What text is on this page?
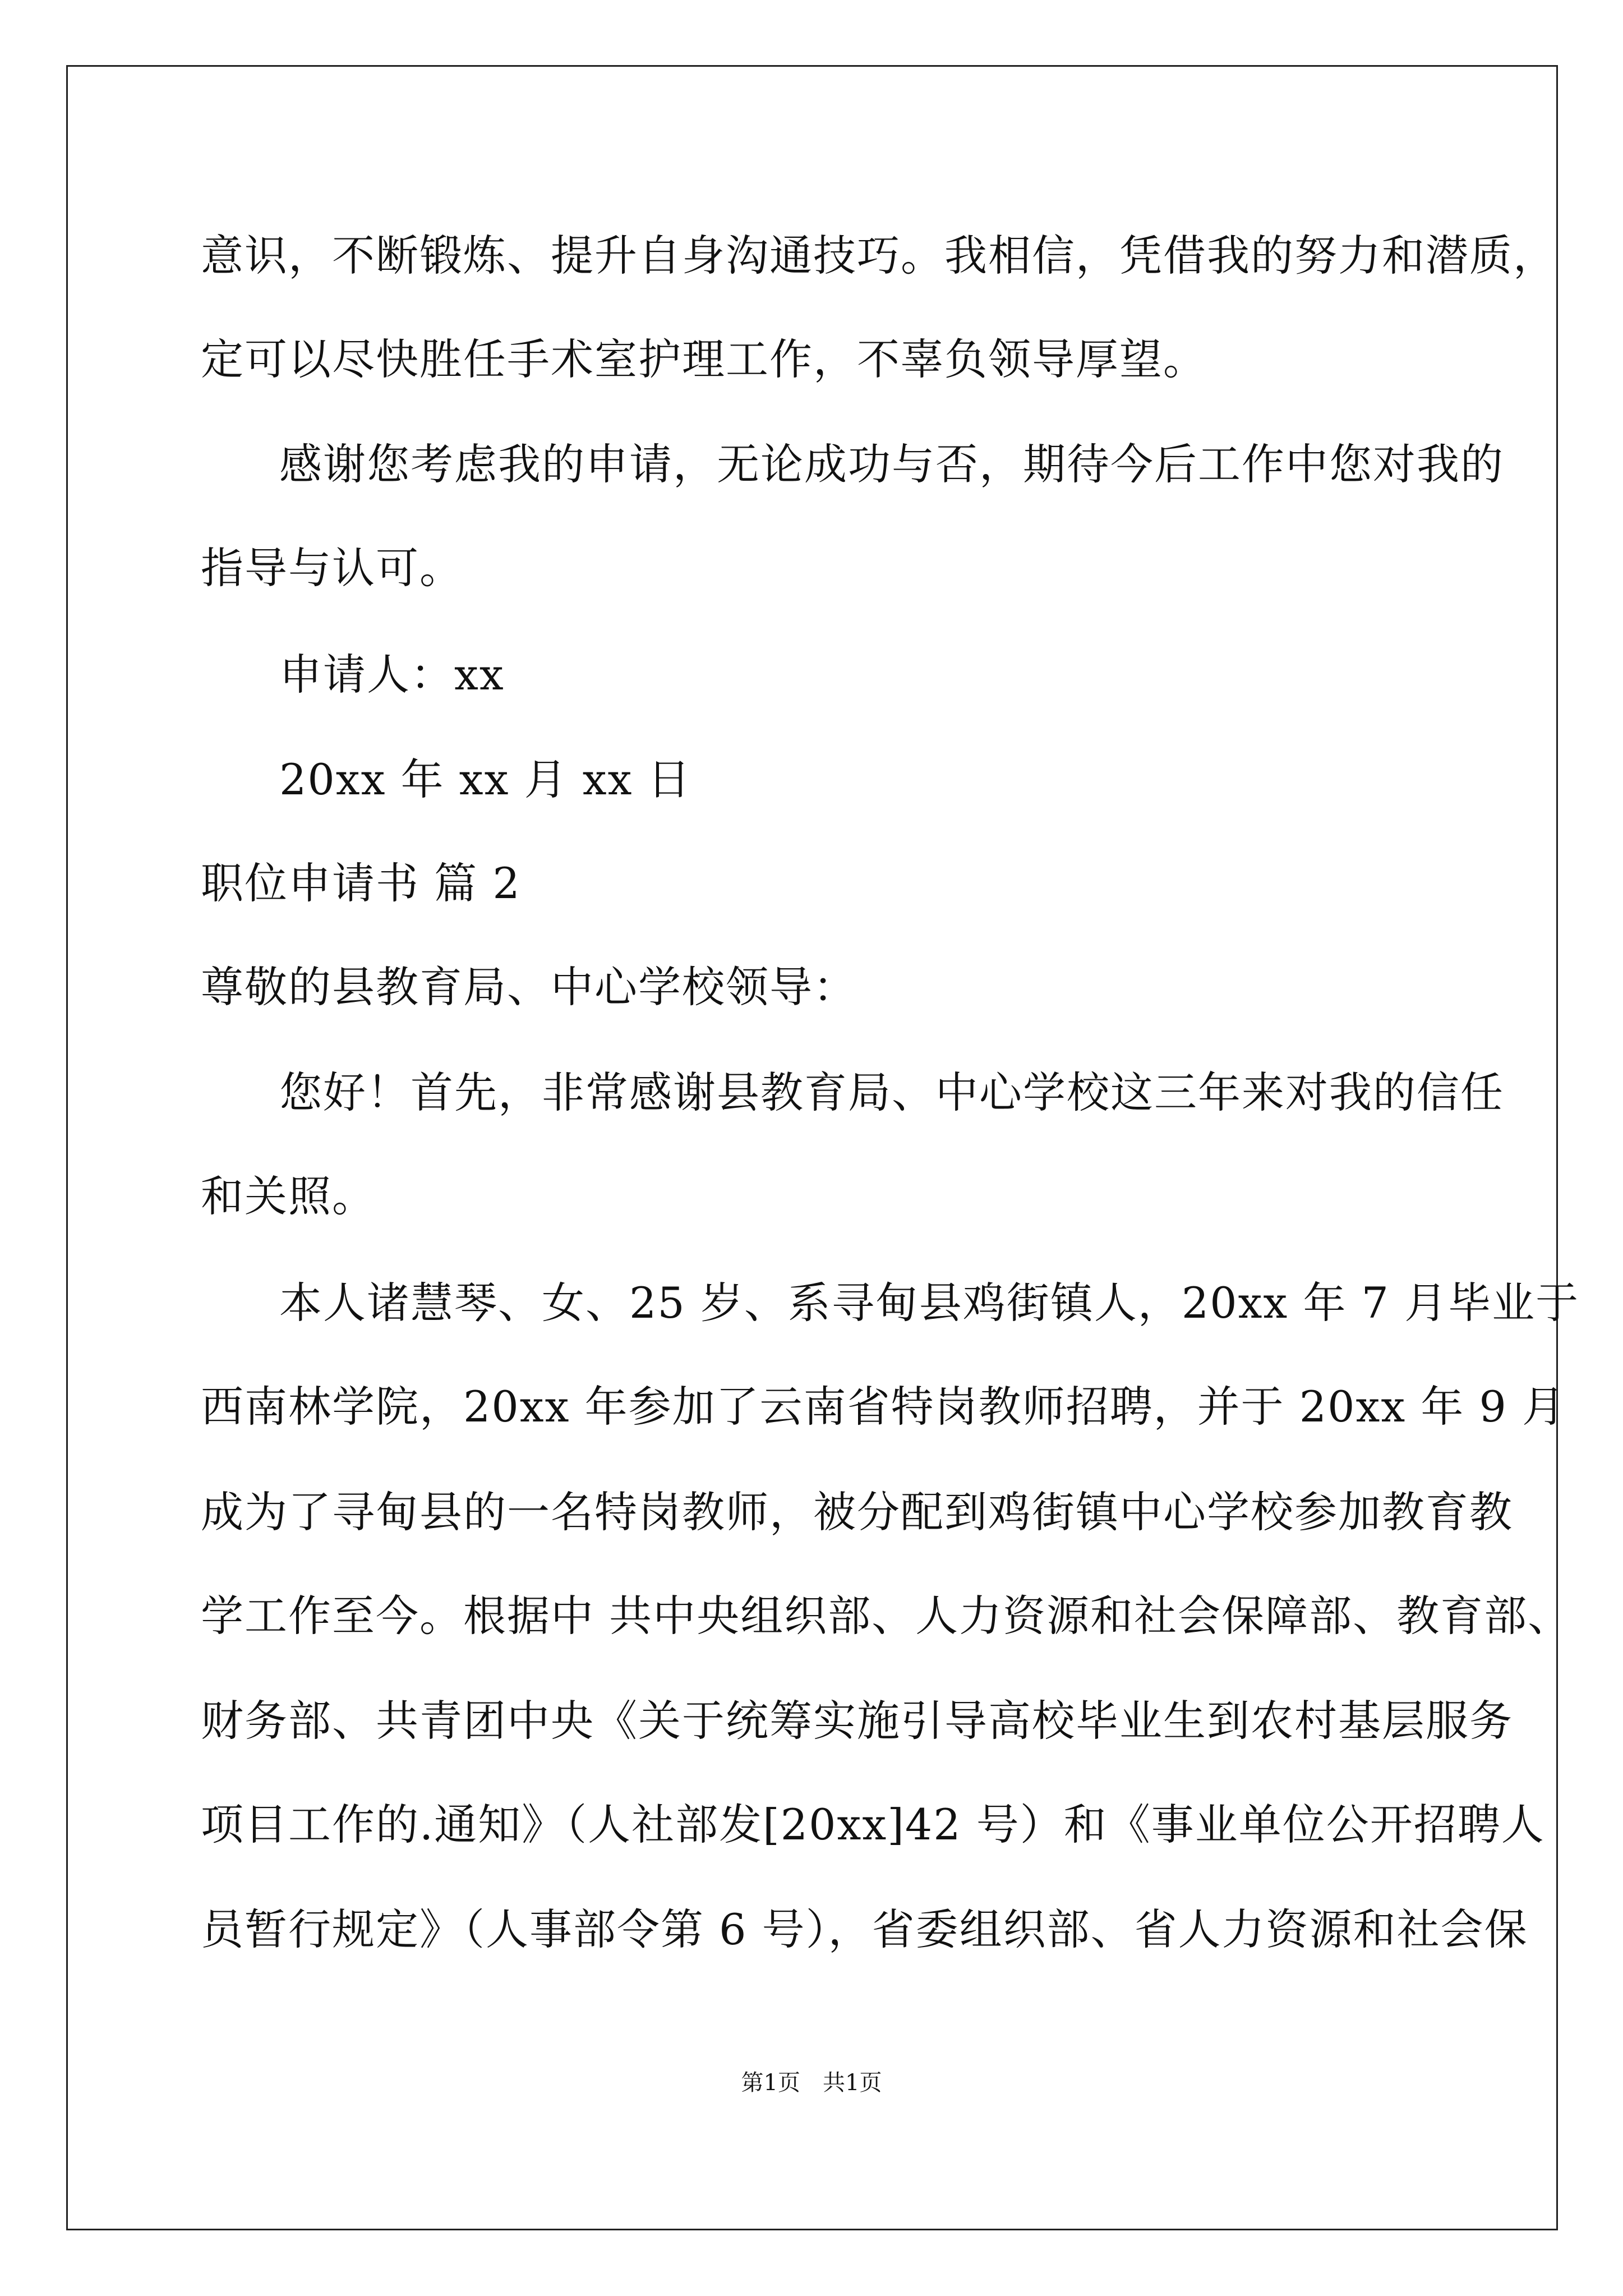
意识，不断锻炼、提升自身沟通技巧。我相信，凭借我的努力和潜质，
定可以尽快胜任手术室护理工作，不辜负领导厚望。
感谢您考虑我的申请，无论成功与否，期待今后工作中您对我的
指导与认可。
申请人：xx
20xx 年 xx 月 xx 日
职位申请书 篇 2
尊敬的县教育局、中心学校领导：
您好！首先，非常感谢县教育局、中心学校这三年来对我的信任
和关照。
本人诸慧琴、女、25 岁、系寻甸县鸡街镇人，20xx 年 7 月毕业于
西南林学院，20xx 年参加了云南省特岗教师招聘，并于 20xx 年 9 月
成为了寻甸县的一名特岗教师，被分配到鸡街镇中心学校参加教育教
学工作至今。根据中 共中央组织部、人力资源和社会保障部、教育部、
财务部、共青团中央《关于统筹实施引导高校毕业生到农村基层服务
项目工作的.通知》（人社部发[20xx]42 号）和《事业单位公开招聘人
员暂行规定》（人事部令第 6 号），省委组织部、省人力资源和社会保
第1页　共1页
